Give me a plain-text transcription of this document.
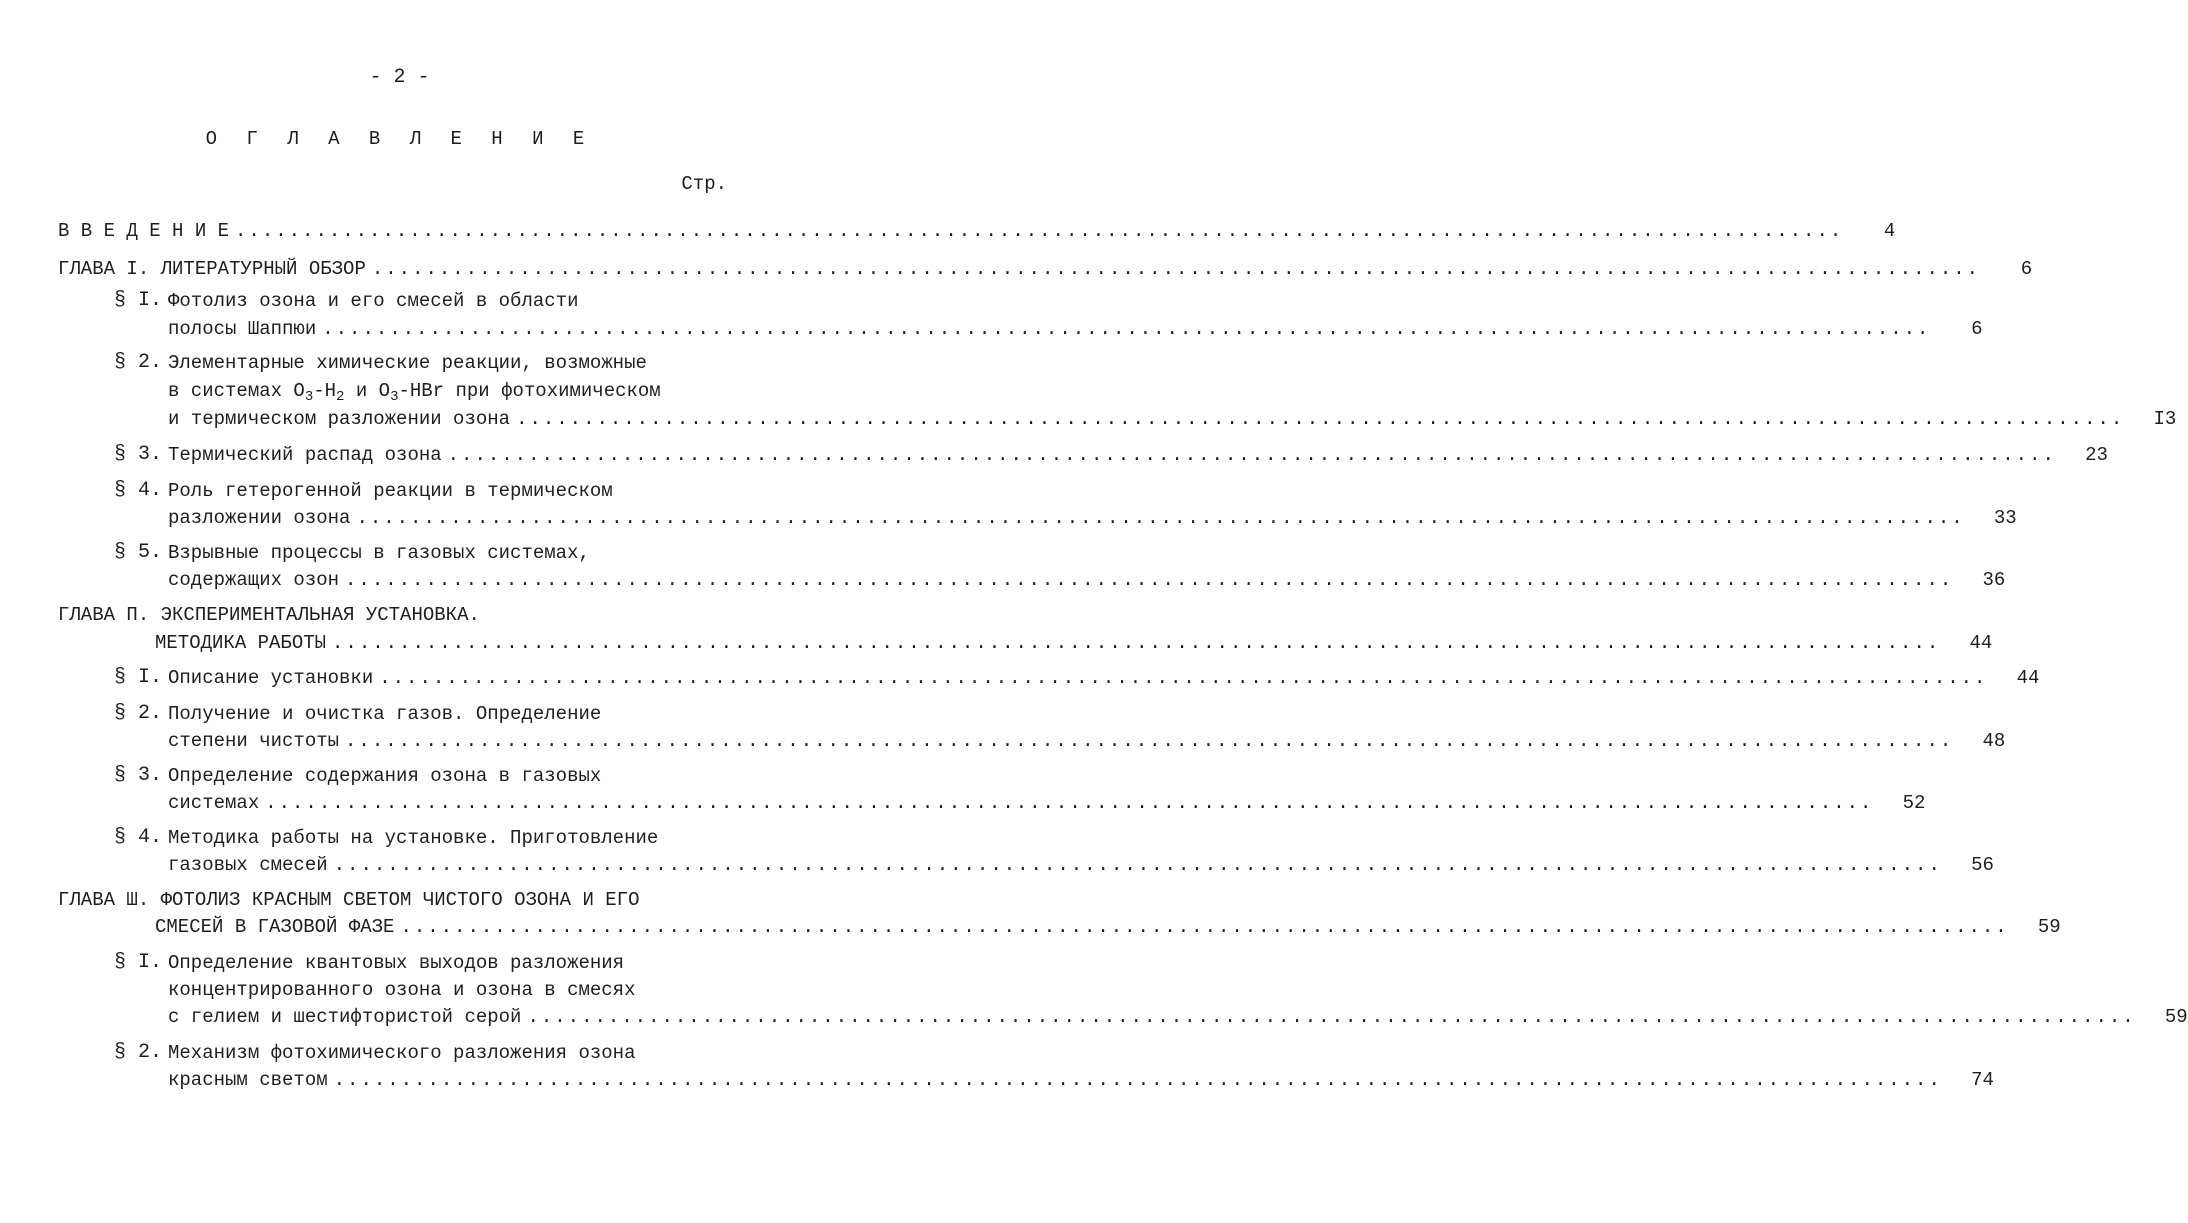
- 2 -
О Г Л А В Л Е Н И Е
Стр.
В В Е Д Е Н И Е ........................................................................................................................	4
ГЛАВА I. ЛИТЕРАТУРНЫЙ ОБЗОР ........................................................................................................................	6
§ I. Фотолиз озона и его смесей в области
полосы Шаппюи ........................................................................................................................	6
§ 2. Элементарные химические реакции, возможные
в системах $O_3-H_2$ и $O_3$-HBr при фотохимическом
и термическом разложении озона ........................................................................................................................	I3
§ 3. Термический распад озона ........................................................................................................................	23
§ 4. Роль гетерогенной реакции в термическом
разложении озона ........................................................................................................................	33
§ 5. Взрывные процессы в газовых системах,
содержащих озон ........................................................................................................................	36
ГЛАВА П. ЭКСПЕРИМЕНТАЛЬНАЯ УСТАНОВКА.
МЕТОДИКА РАБОТЫ ........................................................................................................................	44
§ I. Описание установки ........................................................................................................................	44
§ 2. Получение и очистка газов. Определение
степени чистоты ........................................................................................................................	48
§ 3. Определение содержания озона в газовых
системах ........................................................................................................................	52
§ 4. Методика работы на установке. Приготовление
газовых смесей ........................................................................................................................	56
ГЛАВА Ш. ФОТОЛИЗ КРАСНЫМ СВЕТОМ ЧИСТОГО ОЗОНА И ЕГО
СМЕСЕЙ В ГАЗОВОЙ ФАЗЕ ........................................................................................................................	59
§ I. Определение квантовых выходов разложения
концентрированного озона и озона в смесях
с гелием и шестифтористой серой ........................................................................................................................	59
§ 2. Механизм фотохимического разложения озона
красным светом ........................................................................................................................	74
